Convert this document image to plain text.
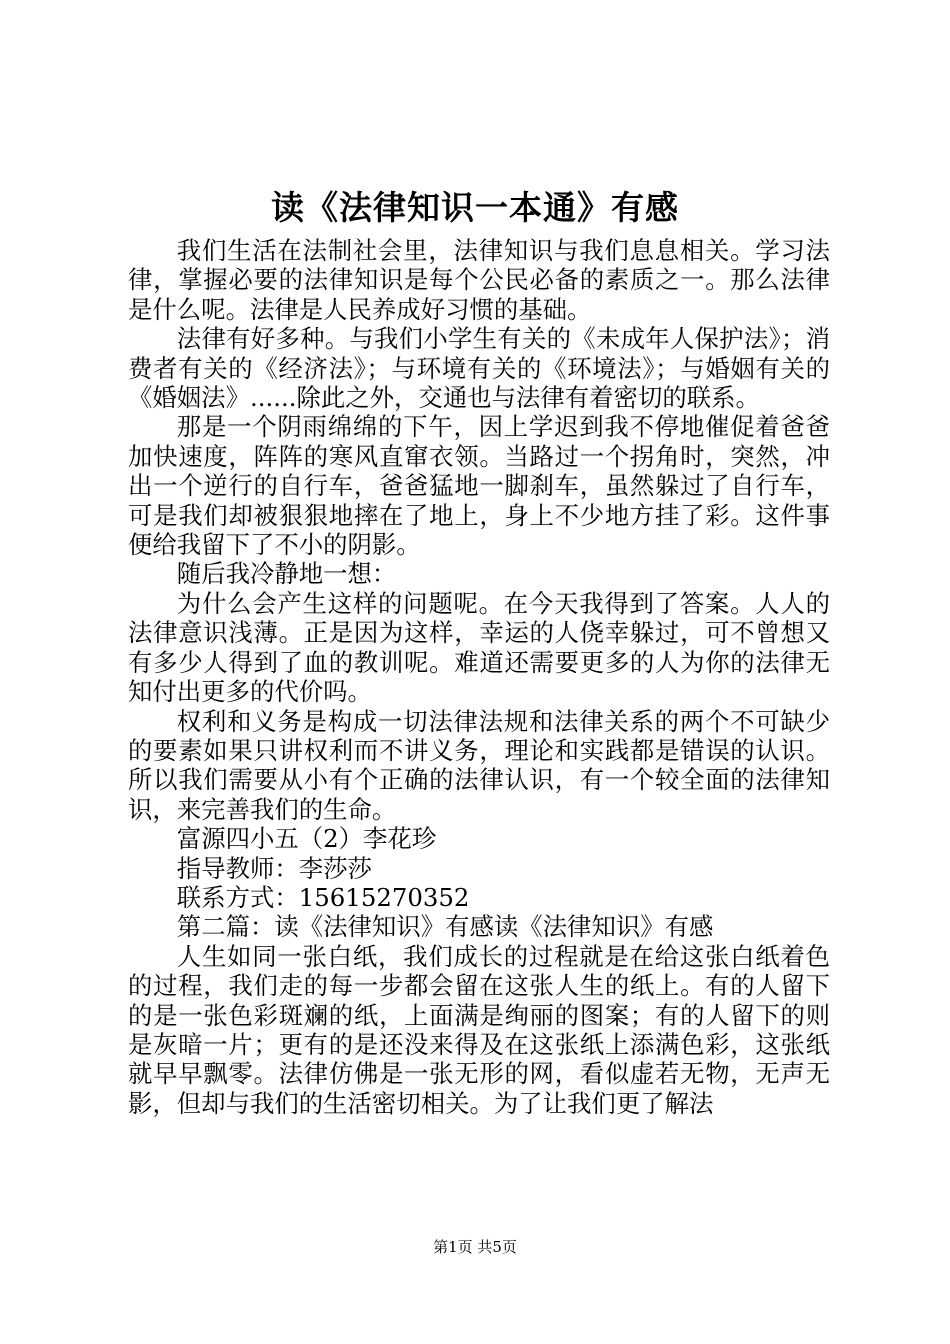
读《法律知识一本通》有感

我们生活在法制社会里，法律知识与我们息息相关。学习法律，掌握必要的法律知识是每个公民必备的素质之一。那么法律是什么呢。法律是人民养成好习惯的基础。

法律有好多种。与我们小学生有关的《未成年人保护法》；消费者有关的《经济法》；与环境有关的《环境法》；与婚姻有关的《婚姻法》......除此之外，交通也与法律有着密切的联系。

那是一个阴雨绵绵的下午，因上学迟到我不停地催促着爸爸加快速度，阵阵的寒风直窜衣领。当路过一个拐角时，突然，冲出一个逆行的自行车，爸爸猛地一脚刹车，虽然躲过了自行车，可是我们却被狠狠地摔在了地上，身上不少地方挂了彩。这件事便给我留下了不小的阴影。

随后我冷静地一想：

为什么会产生这样的问题呢。在今天我得到了答案。人人的法律意识浅薄。正是因为这样，幸运的人侥幸躲过，可不曾想又有多少人得到了血的教训呢。难道还需要更多的人为你的法律无知付出更多的代价吗。

权利和义务是构成一切法律法规和法律关系的两个不可缺少的要素如果只讲权利而不讲义务，理论和实践都是错误的认识。所以我们需要从小有个正确的法律认识，有一个较全面的法律知识，来完善我们的生命。

富源四小五（2）李花珍

指导教师：李莎莎

联系方式：15615270352

第二篇：读《法律知识》有感读《法律知识》有感

人生如同一张白纸，我们成长的过程就是在给这张白纸着色的过程，我们走的每一步都会留在这张人生的纸上。有的人留下的是一张色彩斑斓的纸，上面满是绚丽的图案；有的人留下的则是灰暗一片；更有的是还没来得及在这张纸上添满色彩，这张纸就早早飘零。法律仿佛是一张无形的网，看似虚若无物，无声无影，但却与我们的生活密切相关。为了让我们更了解法

第1页 共5页
